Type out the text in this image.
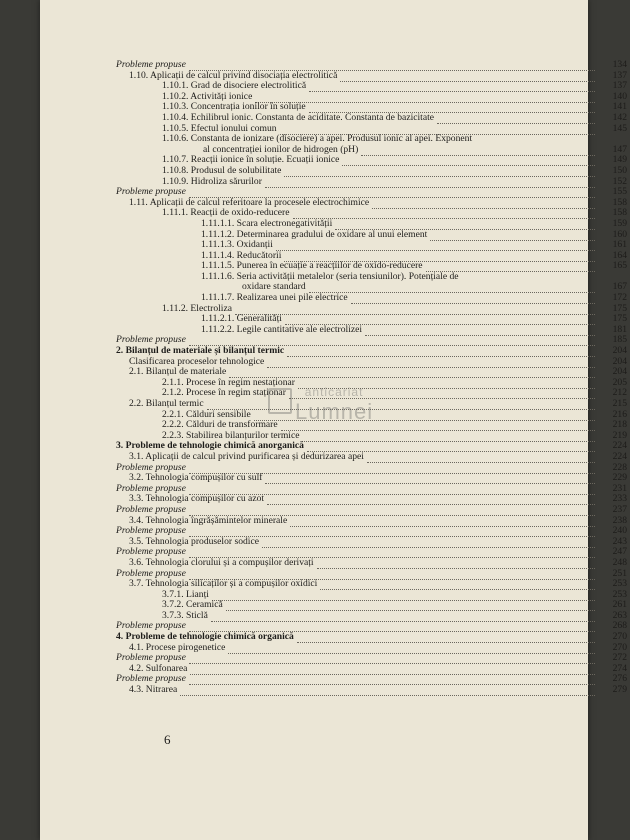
Probleme propuse	134
1.10. Aplicații de calcul privind disociația electrolitică	137
1.10.1. Grad de disociere electrolitică	137
1.10.2. Activități ionice	140
1.10.3. Concentrația ionilor în soluție	141
1.10.4. Echilibrul ionic. Constanta de aciditate. Constanta de bazicitate	142
1.10.5. Efectul ionului comun	145
1.10.6. Constanta de ionizare (disociere) a apei. Produsul ionic al apei. Exponent
al concentrației ionilor de hidrogen (pH)	147
1.10.7. Reacții ionice în soluție. Ecuații ionice	149
1.10.8. Produsul de solubilitate	150
1.10.9. Hidroliza sărurilor	152
Probleme propuse	155
1.11. Aplicații de calcul referitoare la procesele electrochimice	158
1.11.1. Reacții de oxido-reducere	158
1.11.1.1. Scara electronegativității	159
1.11.1.2. Determinarea gradului de oxidare al unui element	160
1.11.1.3. Oxidanții	161
1.11.1.4. Reducătorii	164
1.11.1.5. Punerea în ecuație a reacțiilor de oxido-reducere	165
1.11.1.6. Seria activității metalelor (seria tensiunilor). Potențiale de
oxidare standard	167
1.11.1.7. Realizarea unei pile electrice	172
1.11.2. Electroliza	175
1.11.2.1. Generalități	175
1.11.2.2. Legile cantitative ale electrolizei	181
Probleme propuse	185
2. Bilanțul de materiale și bilanțul termic	204
Clasificarea proceselor tehnologice	204
2.1. Bilanțul de materiale	204
2.1.1. Procese în regim nestaționar	205
2.1.2. Procese în regim staționar	212
2.2. Bilanțul termic	215
2.2.1. Călduri sensibile	216
2.2.2. Călduri de transformare	218
2.2.3. Stabilirea bilanțurilor termice	219
3. Probleme de tehnologie chimică anorganică	224
3.1. Aplicații de calcul privind purificarea și dedurizarea apei	224
Probleme propuse	228
3.2. Tehnologia compușilor cu sulf	229
Probleme propuse	231
3.3. Tehnologia compușilor cu azot	233
Probleme propuse	237
3.4. Tehnologia îngrășămintelor minerale	238
Probleme propuse	240
3.5. Tehnologia produselor sodice	243
Probleme propuse	247
3.6. Tehnologia clorului și a compușilor derivați	248
Probleme propuse	251
3.7. Tehnologia silicaților și a compușilor oxidici	253
3.7.1. Lianți	253
3.7.2. Ceramică	261
3.7.3. Sticlă	263
Probleme propuse	268
4. Probleme de tehnologie chimică organică	270
4.1. Procese pirogenetice	270
Probleme propuse	272
4.2. Sulfonarea	274
Probleme propuse	276
4.3. Nitrarea	279
anticariat
Lumnei
6
